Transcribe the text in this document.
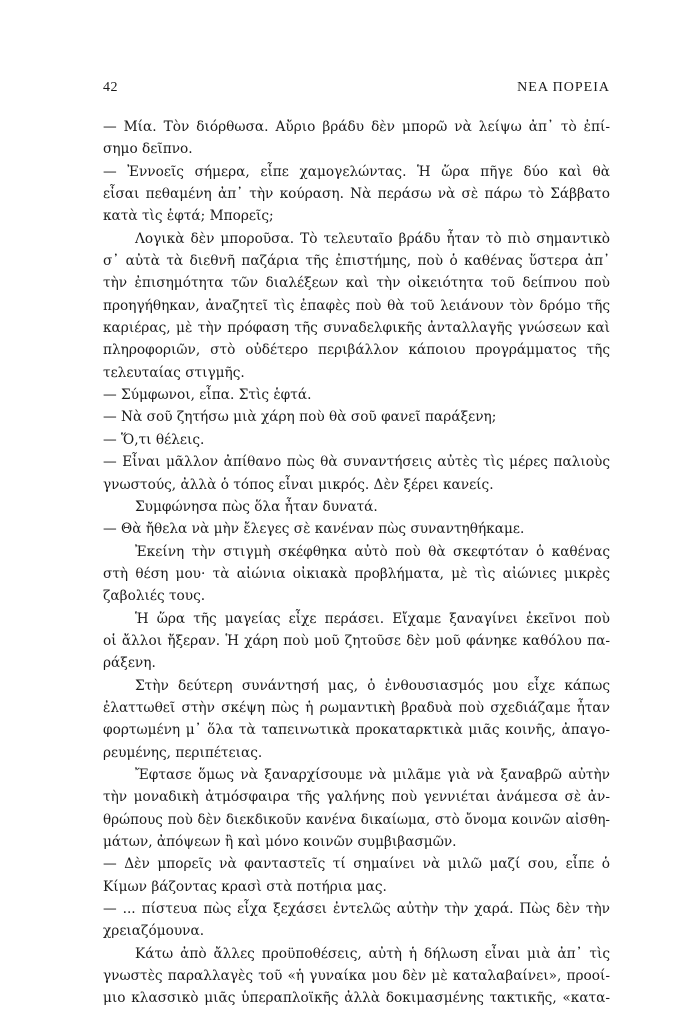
42	ΝΕΑ ΠΟΡΕΙΑ
— Μία. Τὸν διόρθωσα. Αὔριο βράδυ δὲν μπορῶ νὰ λείψω ἀπ᾽ τὸ ἐπί-
σημο δεῖπνο.
— Ἐννοεῖς σήμερα, εἶπε χαμογελώντας. Ἡ ὥρα πῆγε δύο καὶ θὰ
εἶσαι πεθαμένη ἀπ᾽ τὴν κούραση. Νὰ περάσω νὰ σὲ πάρω τὸ Σάββατο
κατὰ τὶς ἑφτά; Μπορεῖς;
Λογικὰ δὲν μποροῦσα. Τὸ τελευταῖο βράδυ ἦταν τὸ πιὸ σημαντικὸ
σ᾽ αὐτὰ τὰ διεθνῆ παζάρια τῆς ἐπιστήμης, ποὺ ὁ καθένας ὕστερα ἀπ᾽
τὴν ἐπισημότητα τῶν διαλέξεων καὶ τὴν οἰκειότητα τοῦ δείπνου ποὺ
προηγήθηκαν, ἀναζητεῖ τὶς ἐπαφὲς ποὺ θὰ τοῦ λειάνουν τὸν δρόμο τῆς
καριέρας, μὲ τὴν πρόφαση τῆς συναδελφικῆς ἀνταλλαγῆς γνώσεων καὶ
πληροφοριῶν, στὸ οὐδέτερο περιβάλλον κάποιου προγράμματος τῆς
τελευταίας στιγμῆς.
— Σύμφωνοι, εἶπα. Στὶς ἑφτά.
— Νὰ σοῦ ζητήσω μιὰ χάρη ποὺ θὰ σοῦ φανεῖ παράξενη;
— Ὅ,τι θέλεις.
— Εἶναι μᾶλλον ἀπίθανο πὼς θὰ συναντήσεις αὐτὲς τὶς μέρες παλιοὺς
γνωστούς, ἀλλὰ ὁ τόπος εἶναι μικρός. Δὲν ξέρει κανείς.
Συμφώνησα πὼς ὅλα ἦταν δυνατά.
— Θὰ ἤθελα νὰ μὴν ἔλεγες σὲ κανέναν πὼς συναντηθήκαμε.
Ἐκείνη τὴν στιγμὴ σκέφθηκα αὐτὸ ποὺ θὰ σκεφτόταν ὁ καθένας
στὴ θέση μου· τὰ αἰώνια οἰκιακὰ προβλήματα, μὲ τὶς αἰώνιες μικρὲς
ζαβολιές τους.
Ἡ ὥρα τῆς μαγείας εἶχε περάσει. Εἴχαμε ξαναγίνει ἐκεῖνοι ποὺ
οἱ ἄλλοι ἤξεραν. Ἡ χάρη ποὺ μοῦ ζητοῦσε δὲν μοῦ φάνηκε καθόλου πα-
ράξενη.
Στὴν δεύτερη συνάντησή μας, ὁ ἐνθουσιασμός μου εἶχε κάπως
ἐλαττωθεῖ στὴν σκέψη πὼς ἡ ρωμαντικὴ βραδυὰ ποὺ σχεδιάζαμε ἦταν
φορτωμένη μ᾽ ὅλα τὰ ταπεινωτικὰ προκαταρκτικὰ μιᾶς κοινῆς, ἀπαγο-
ρευμένης, περιπέτειας.
Ἔφτασε ὅμως νὰ ξαναρχίσουμε νὰ μιλᾶμε γιὰ νὰ ξαναβρῶ αὐτὴν
τὴν μοναδικὴ ἀτμόσφαιρα τῆς γαλήνης ποὺ γεννιέται ἀνάμεσα σὲ ἀν-
θρώπους ποὺ δὲν διεκδικοῦν κανένα δικαίωμα, στὸ ὄνομα κοινῶν αἰσθη-
μάτων, ἀπόψεων ἢ καὶ μόνο κοινῶν συμβιβασμῶν.
— Δὲν μπορεῖς νὰ φανταστεῖς τί σημαίνει νὰ μιλῶ μαζί σου, εἶπε ὁ
Κίμων βάζοντας κρασὶ στὰ ποτήρια μας.
— ... πίστευα πὼς εἶχα ξεχάσει ἐντελῶς αὐτὴν τὴν χαρά. Πὼς δὲν τὴν
χρειαζόμουνα.
Κάτω ἀπὸ ἄλλες προϋποθέσεις, αὐτὴ ἡ δήλωση εἶναι μιὰ ἀπ᾽ τὶς
γνωστὲς παραλλαγὲς τοῦ «ἡ γυναίκα μου δὲν μὲ καταλαβαίνει», προοί-
μιο κλασσικὸ μιᾶς ὑπεραπλοϊκῆς ἀλλὰ δοκιμασμένης τακτικῆς, «κατα-
